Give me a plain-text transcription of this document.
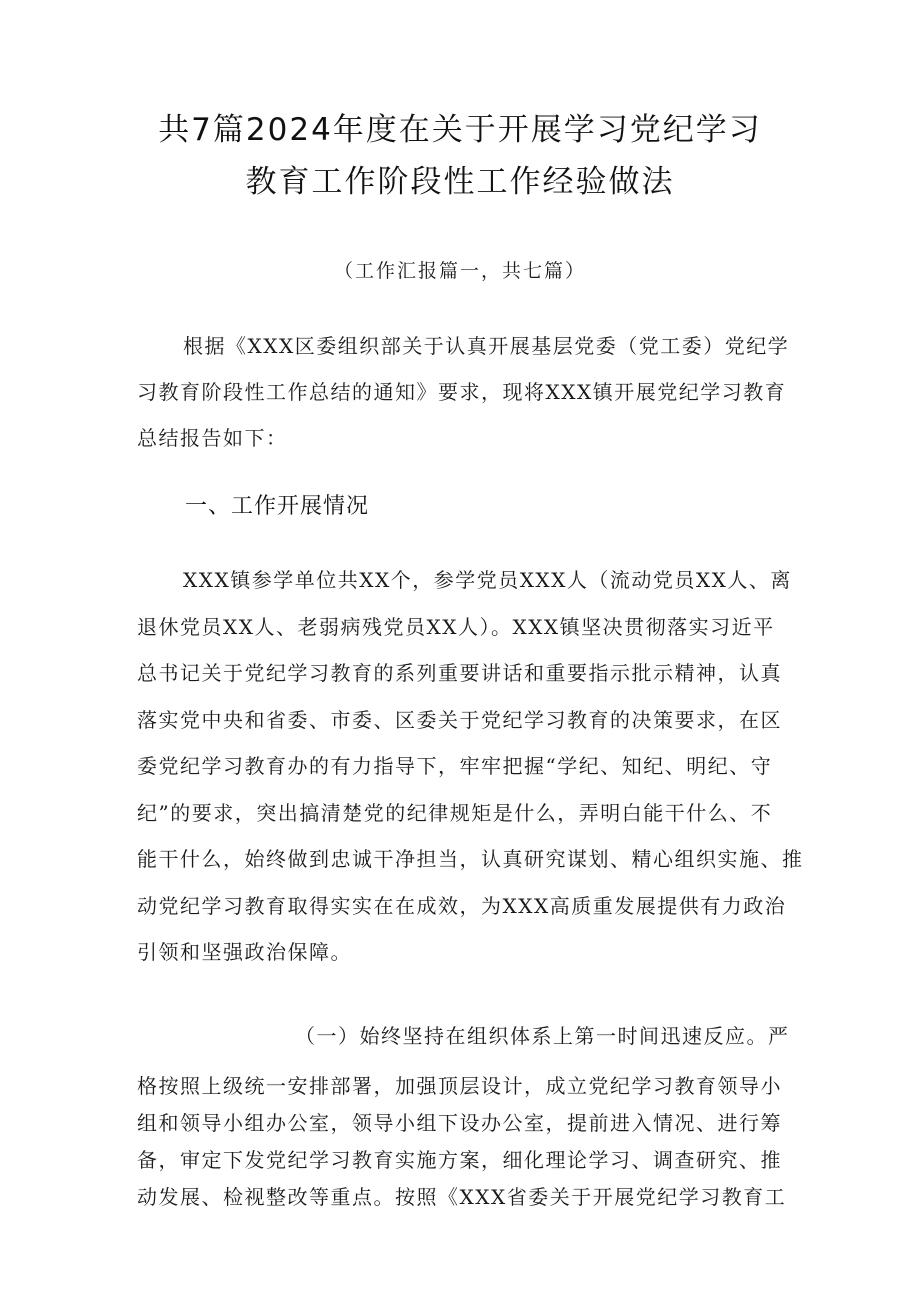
共7篇2024年度在关于开展学习党纪学习
教育工作阶段性工作经验做法
（工作汇报篇一，共七篇）
根据《XXX区委组织部关于认真开展基层党委（党工委）党纪学
习教育阶段性工作总结的通知》要求，现将XXX镇开展党纪学习教育
总结报告如下：
一、工作开展情况
XXX镇参学单位共XX个，参学党员XXX人（流动党员XX人、离
退休党员XX人、老弱病残党员XX人）。XXX镇坚决贯彻落实习近平
总书记关于党纪学习教育的系列重要讲话和重要指示批示精神，认真
落实党中央和省委、市委、区委关于党纪学习教育的决策要求，在区
委党纪学习教育办的有力指导下，牢牢把握“学纪、知纪、明纪、守
纪”的要求，突出搞清楚党的纪律规矩是什么，弄明白能干什么、不
能干什么，始终做到忠诚干净担当，认真研究谋划、精心组织实施、推
动党纪学习教育取得实实在在成效，为XXX高质重发展提供有力政治
引领和坚强政治保障。
（一）始终坚持在组织体系上第一时间迅速反应。严
格按照上级统一安排部署，加强顶层设计，成立党纪学习教育领导小
组和领导小组办公室，领导小组下设办公室，提前进入情况、进行筹
备，审定下发党纪学习教育实施方案，细化理论学习、调查研究、推
动发展、检视整改等重点。按照《XXX省委关于开展党纪学习教育工
